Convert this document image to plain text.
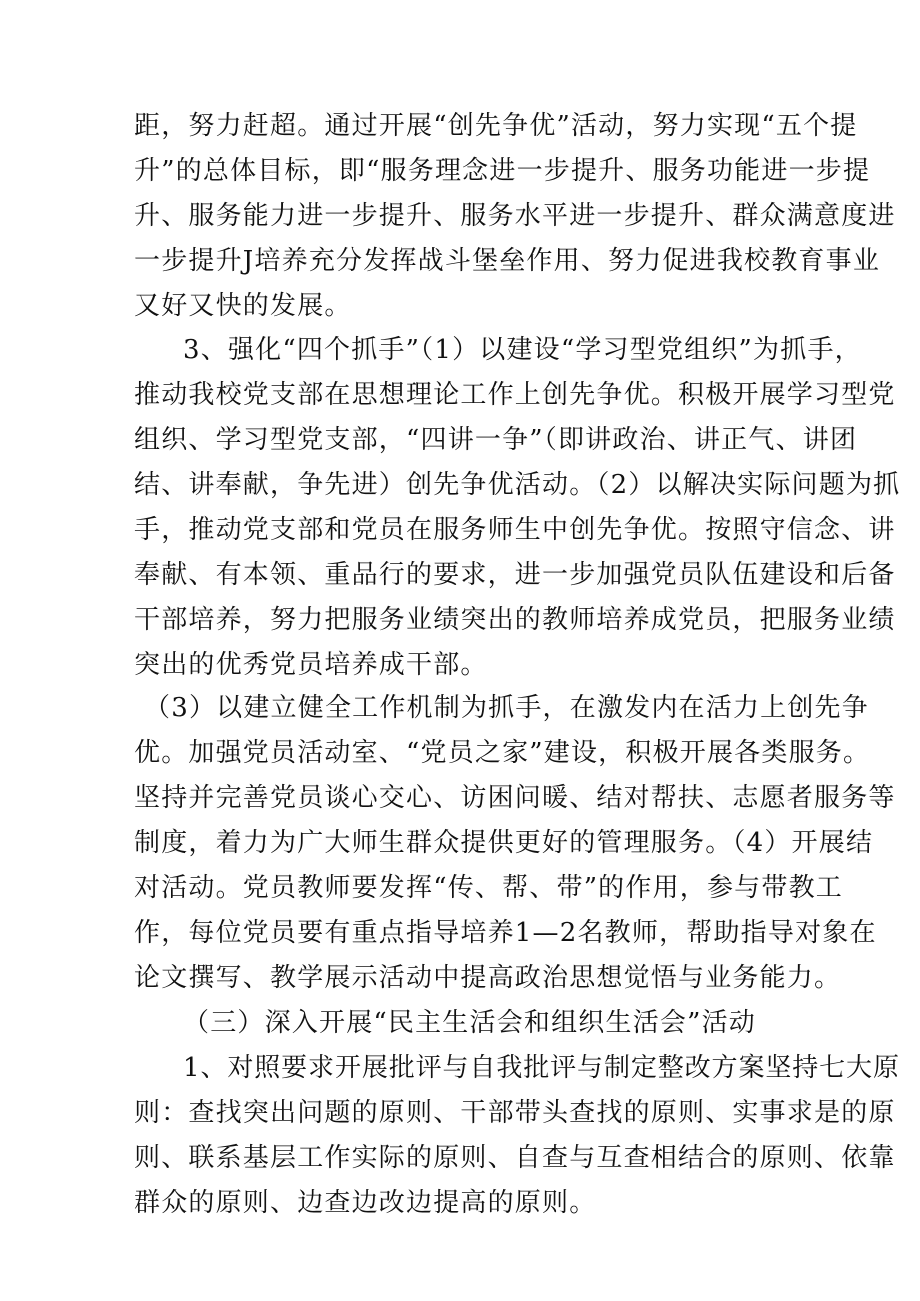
距，努力赶超。通过开展“创先争优”活动，努力实现“五个提
升”的总体目标，即“服务理念进一步提升、服务功能进一步提
升、服务能力进一步提升、服务水平进一步提升、群众满意度进
一步提升J培养充分发挥战斗堡垒作用、努力促进我校教育事业
又好又快的发展。
3、强化“四个抓手”（1）以建设“学习型党组织”为抓手，
推动我校党支部在思想理论工作上创先争优。积极开展学习型党
组织、学习型党支部，“四讲一争”（即讲政治、讲正气、讲团
结、讲奉献，争先进）创先争优活动。（2）以解决实际问题为抓
手，推动党支部和党员在服务师生中创先争优。按照守信念、讲
奉献、有本领、重品行的要求，进一步加强党员队伍建设和后备
干部培养，努力把服务业绩突出的教师培养成党员，把服务业绩
突出的优秀党员培养成干部。
（3）以建立健全工作机制为抓手，在激发内在活力上创先争
优。加强党员活动室、“党员之家”建设，积极开展各类服务。
坚持并完善党员谈心交心、访困问暖、结对帮扶、志愿者服务等
制度，着力为广大师生群众提供更好的管理服务。（4）开展结
对活动。党员教师要发挥“传、帮、带”的作用，参与带教工
作，每位党员要有重点指导培养1—2名教师，帮助指导对象在
论文撰写、教学展示活动中提高政治思想觉悟与业务能力。
（三）深入开展“民主生活会和组织生活会”活动
1、对照要求开展批评与自我批评与制定整改方案坚持七大原
则：查找突出问题的原则、干部带头查找的原则、实事求是的原
则、联系基层工作实际的原则、自查与互查相结合的原则、依靠
群众的原则、边查边改边提高的原则。
